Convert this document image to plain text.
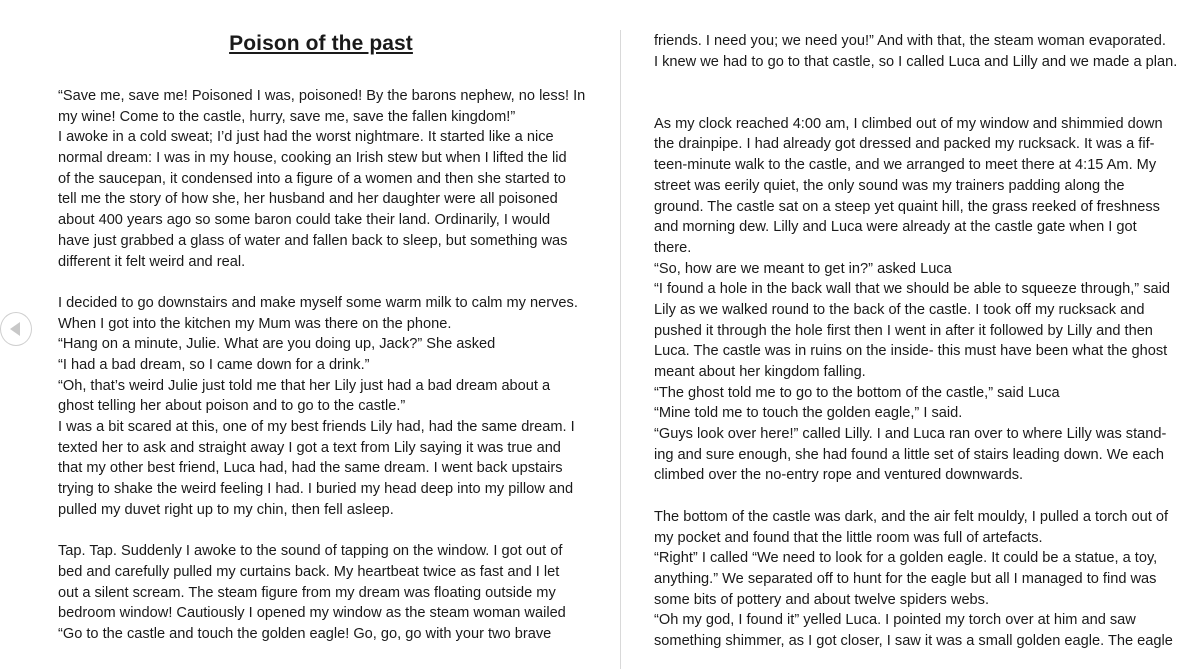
Poison of the past
“Save me, save me! Poisoned I was, poisoned! By the barons nephew, no less! In
my wine! Come to the castle, hurry, save me, save the fallen kingdom!”
I awoke in a cold sweat; I’d just had the worst nightmare. It started like a nice
normal dream: I was in my house, cooking an Irish stew but when I lifted the lid
of the saucepan, it condensed into a figure of a women and then she started to
tell me the story of how she, her husband and her daughter were all poisoned
about 400 years ago so some baron could take their land. Ordinarily, I would
have just grabbed a glass of water and fallen back to sleep, but something was
different it felt weird and real.
I decided to go downstairs and make myself some warm milk to calm my nerves.
When I got into the kitchen my Mum was there on the phone.
“Hang on a minute, Julie. What are you doing up, Jack?” She asked
“I had a bad dream, so I came down for a drink.”
“Oh, that’s weird Julie just told me that her Lily just had a bad dream about a
ghost telling her about poison and to go to the castle.”
I was a bit scared at this, one of my best friends Lily had, had the same dream. I
texted her to ask and straight away I got a text from Lily saying it was true and
that my other best friend, Luca had, had the same dream. I went back upstairs
trying to shake the weird feeling I had. I buried my head deep into my pillow and
pulled my duvet right up to my chin, then fell asleep.
Tap. Tap. Suddenly I awoke to the sound of tapping on the window. I got out of
bed and carefully pulled my curtains back. My heartbeat twice as fast and I let
out a silent scream. The steam figure from my dream was floating outside my
bedroom window! Cautiously I opened my window as the steam woman wailed
“Go to the castle and touch the golden eagle! Go, go, go with your two brave
friends. I need you; we need you!” And with that, the steam woman evaporated.
I knew we had to go to that castle, so I called Luca and Lilly and we made a plan.
As my clock reached 4:00 am, I climbed out of my window and shimmied down
the drainpipe. I had already got dressed and packed my rucksack. It was a fif-
teen-minute walk to the castle, and we arranged to meet there at 4:15 Am. My
street was eerily quiet, the only sound was my trainers padding along the
ground. The castle sat on a steep yet quaint hill, the grass reeked of freshness
and morning dew. Lilly and Luca were already at the castle gate when I got
there.
“So, how are we meant to get in?” asked Luca
“I found a hole in the back wall that we should be able to squeeze through,” said
Lily as we walked round to the back of the castle. I took off my rucksack and
pushed it through the hole first then I went in after it followed by Lilly and then
Luca. The castle was in ruins on the inside- this must have been what the ghost
meant about her kingdom falling.
“The ghost told me to go to the bottom of the castle,” said Luca
“Mine told me to touch the golden eagle,” I said.
“Guys look over here!” called Lilly. I and Luca ran over to where Lilly was stand-
ing and sure enough, she had found a little set of stairs leading down. We each
climbed over the no-entry rope and ventured downwards.
The bottom of the castle was dark, and the air felt mouldy, I pulled a torch out of
my pocket and found that the little room was full of artefacts.
“Right” I called “We need to look for a golden eagle. It could be a statue, a toy,
anything.” We separated off to hunt for the eagle but all I managed to find was
some bits of pottery and about twelve spiders webs.
“Oh my god, I found it” yelled Luca. I pointed my torch over at him and saw
something shimmer, as I got closer, I saw it was a small golden eagle. The eagle
